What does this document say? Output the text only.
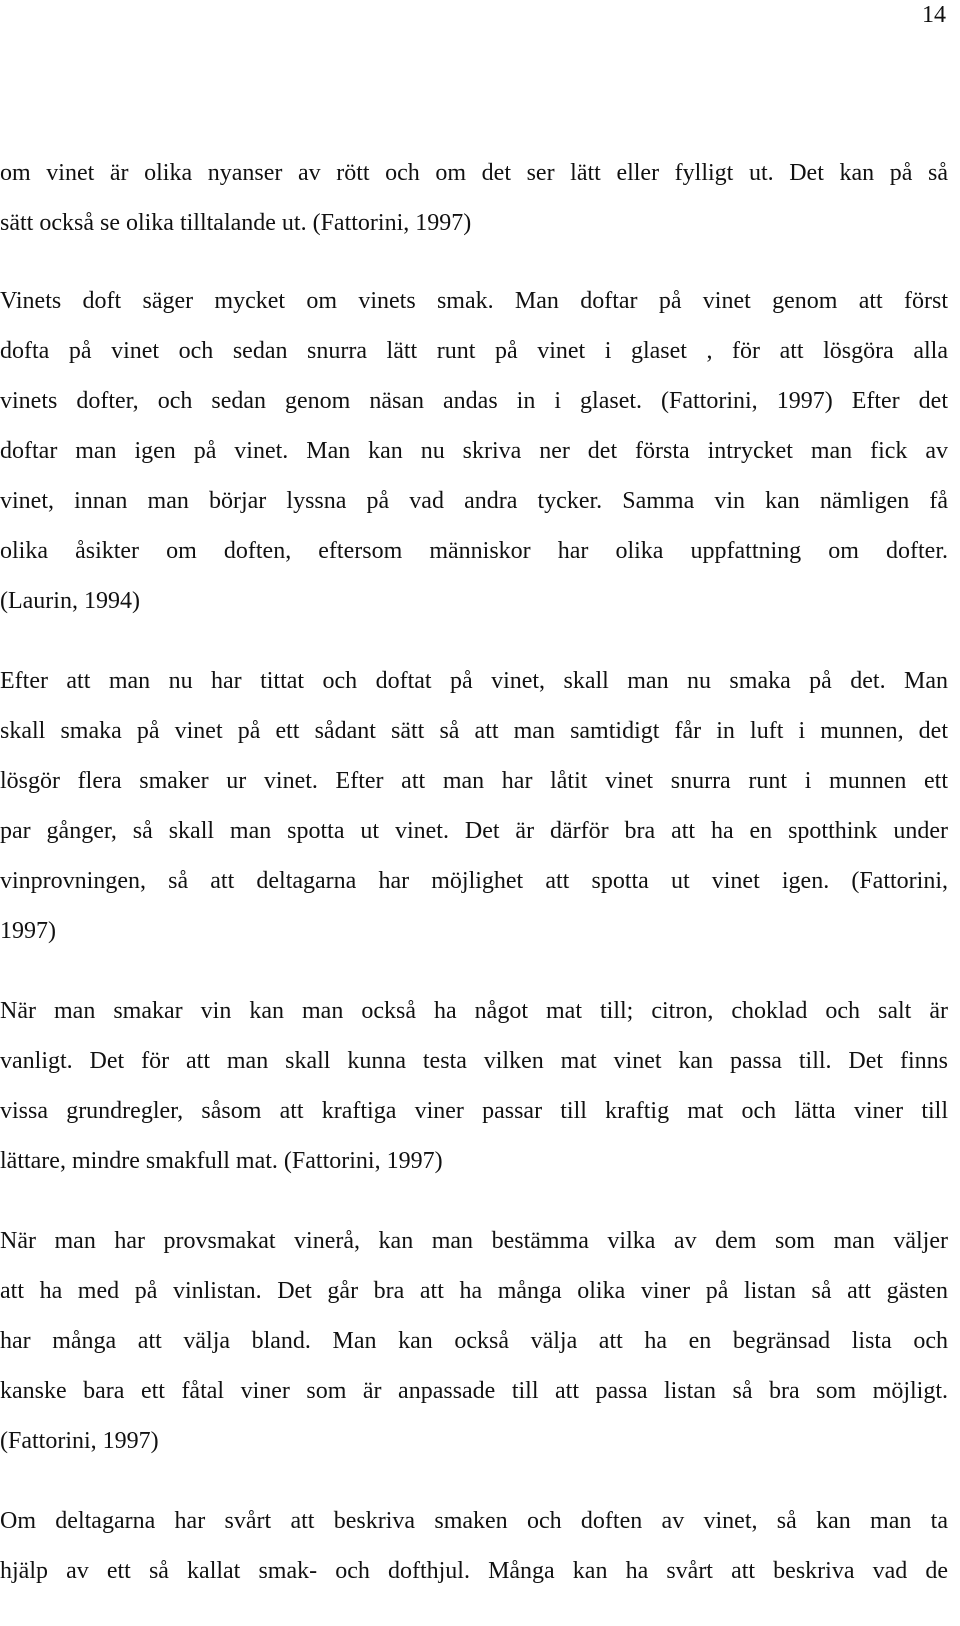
14
om vinet är olika nyanser av rött och om det ser lätt eller fylligt ut. Det kan på så
sätt också se olika tilltalande ut. (Fattorini, 1997)
Vinets doft säger mycket om vinets smak. Man doftar på vinet genom att först
dofta på vinet och sedan snurra lätt runt på vinet i glaset , för att lösgöra alla
vinets dofter, och sedan genom näsan andas in i glaset. (Fattorini, 1997) Efter det
doftar man igen på vinet. Man kan nu skriva ner det första intrycket man fick av
vinet, innan man börjar lyssna på vad andra tycker. Samma vin kan nämligen få
olika åsikter om doften, eftersom människor har olika uppfattning om dofter.
(Laurin, 1994)
Efter att man nu har tittat och doftat på vinet, skall man nu smaka på det. Man
skall smaka på vinet på ett sådant sätt så att man samtidigt får in luft i munnen, det
lösgör flera smaker ur vinet. Efter att man har låtit vinet snurra runt i munnen ett
par gånger, så skall man spotta ut vinet. Det är därför bra att ha en spotthink under
vinprovningen, så att deltagarna har möjlighet att spotta ut vinet igen. (Fattorini,
1997)
När man smakar vin kan man också ha något mat till; citron, choklad och salt är
vanligt. Det för att man skall kunna testa vilken mat vinet kan passa till. Det finns
vissa grundregler, såsom att kraftiga viner passar till kraftig mat och lätta viner till
lättare, mindre smakfull mat. (Fattorini, 1997)
När man har provsmakat vinerå, kan man bestämma vilka av dem som man väljer
att ha med på vinlistan. Det går bra att ha många olika viner på listan så att gästen
har många att välja bland. Man kan också välja att ha en begränsad lista och
kanske bara ett fåtal viner som är anpassade till att passa listan så bra som möjligt.
(Fattorini, 1997)
Om deltagarna har svårt att beskriva smaken och doften av vinet, så kan man ta
hjälp av ett så kallat smak- och dofthjul. Många kan ha svårt att beskriva vad de
